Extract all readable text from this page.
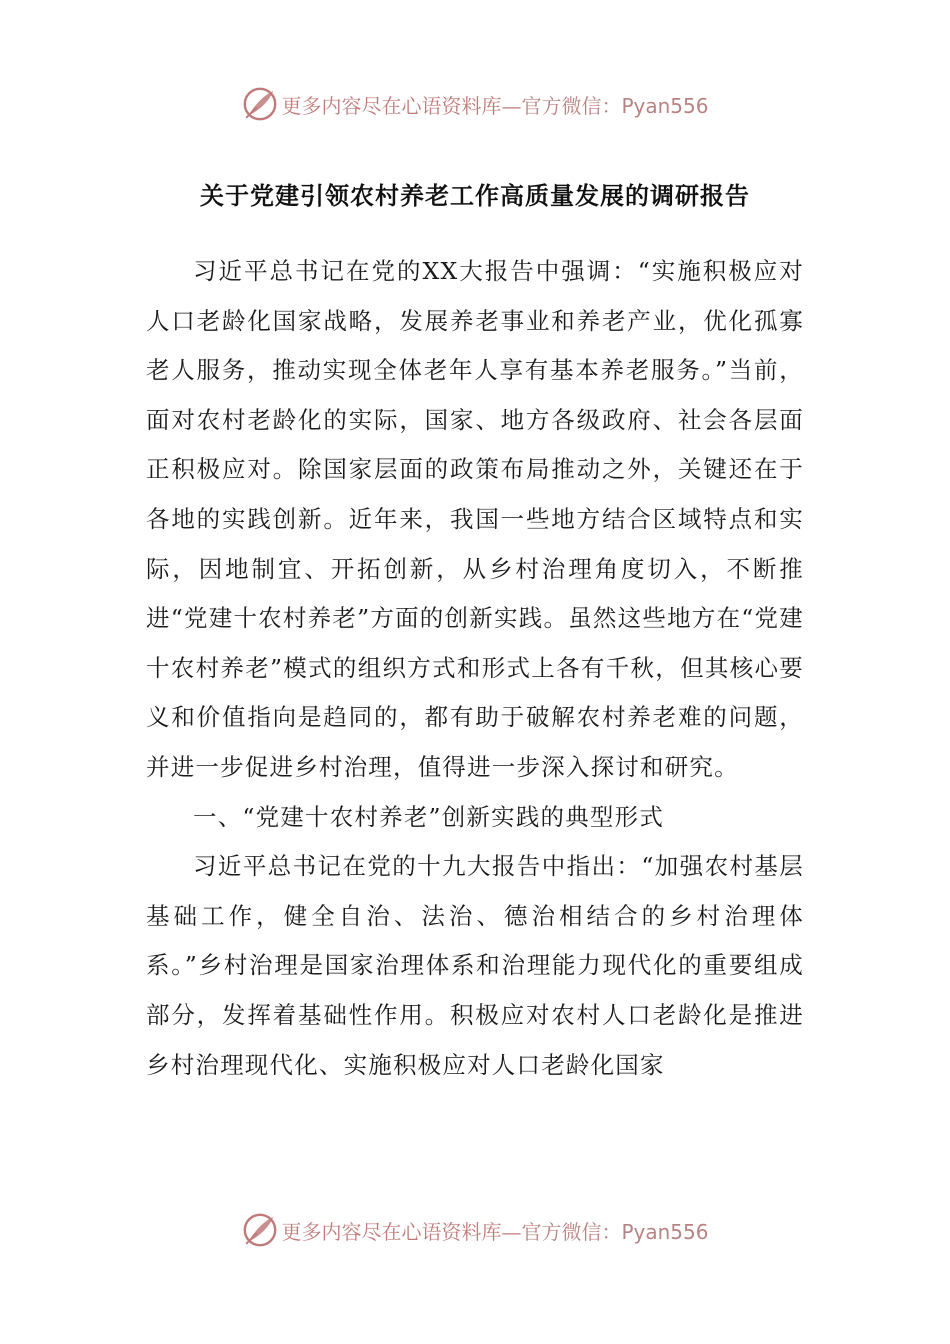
更多内容尽在心语资料库— 官方微信：Pyan556
关于党建引领农村养老工作高质量发展的调研报告

习近平总书记在党的XX大报告中强调：“实施积极应对人口老龄化国家战略，发展养老事业和养老产业，优化孤寡老人服务，推动实现全体老年人享有基本养老服务。”当前，面对农村老龄化的实际，国家、地方各级政府、社会各层面正积极应对。除国家层面的政策布局推动之外，关键还在于各地的实践创新。近年来，我国一些地方结合区域特点和实际，因地制宜、开拓创新，从乡村治理角度切入，不断推进“党建十农村养老”方面的创新实践。虽然这些地方在“党建十农村养老”模式的组织方式和形式上各有千秋，但其核心要义和价值指向是趋同的，都有助于破解农村养老难的问题，并进一步促进乡村治理，值得进一步深入探讨和研究。

一、“党建十农村养老”创新实践的典型形式

习近平总书记在党的十九大报告中指出：“加强农村基层基础工作，健全自治、法治、德治相结合的乡村治理体系。”乡村治理是国家治理体系和治理能力现代化的重要组成部分，发挥着基础性作用。积极应对农村人口老龄化是推进乡村治理现代化、实施积极应对人口老龄化国家

更多内容尽在心语资料库— 官方微信：Pyan556
